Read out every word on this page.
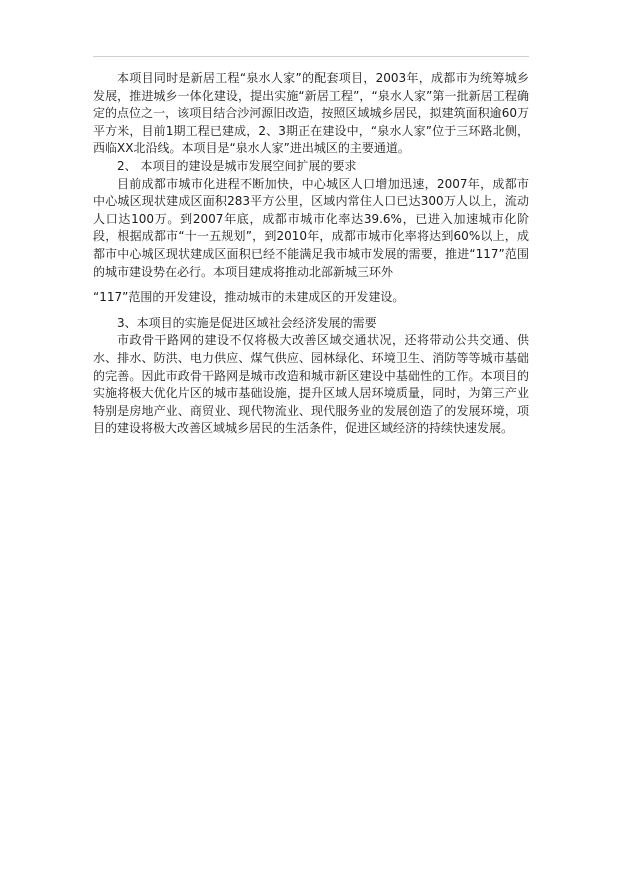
本项目同时是新居工程“泉水人家”的配套项目，2003年，成都市为统筹城乡发展，推进城乡一体化建设，提出实施“新居工程”，“泉水人家”第一批新居工程确定的点位之一，该项目结合沙河源旧改造，按照区域城乡居民，拟建筑面积逾60万平方米，目前1期工程已建成，2、3期正在建设中，“泉水人家”位于三环路北侧，西临XX北沿线。本项目是“泉水人家”进出城区的主要通道。

2、 本项目的建设是城市发展空间扩展的要求

目前成都市城市化进程不断加快，中心城区人口增加迅速，2007年，成都市中心城区现状建成区面积283平方公里，区域内常住人口已达300万人以上，流动人口达100万。到2007年底，成都市城市化率达39.6%，已进入加速城市化阶段，根据成都市“十一五规划”，到2010年，成都市城市化率将达到60%以上，成都市中心城区现状建成区面积已经不能满足我市城市发展的需要，推进“117”范围的城市建设势在必行。本项目建成将推动北部新城三环外

“117”范围的开发建设，推动城市的未建成区的开发建设。

3、本项目的实施是促进区域社会经济发展的需要

市政骨干路网的建设不仅将极大改善区域交通状况，还将带动公共交通、供水、排水、防洪、电力供应、煤气供应、园林绿化、环境卫生、消防等等城市基础的完善。因此市政骨干路网是城市改造和城市新区建设中基础性的工作。本项目的实施将极大优化片区的城市基础设施，提升区域人居环境质量，同时，为第三产业特别是房地产业、商贸业、现代物流业、现代服务业的发展创造了的发展环境，项目的建设将极大改善区域城乡居民的生活条件，促进区域经济的持续快速发展。
